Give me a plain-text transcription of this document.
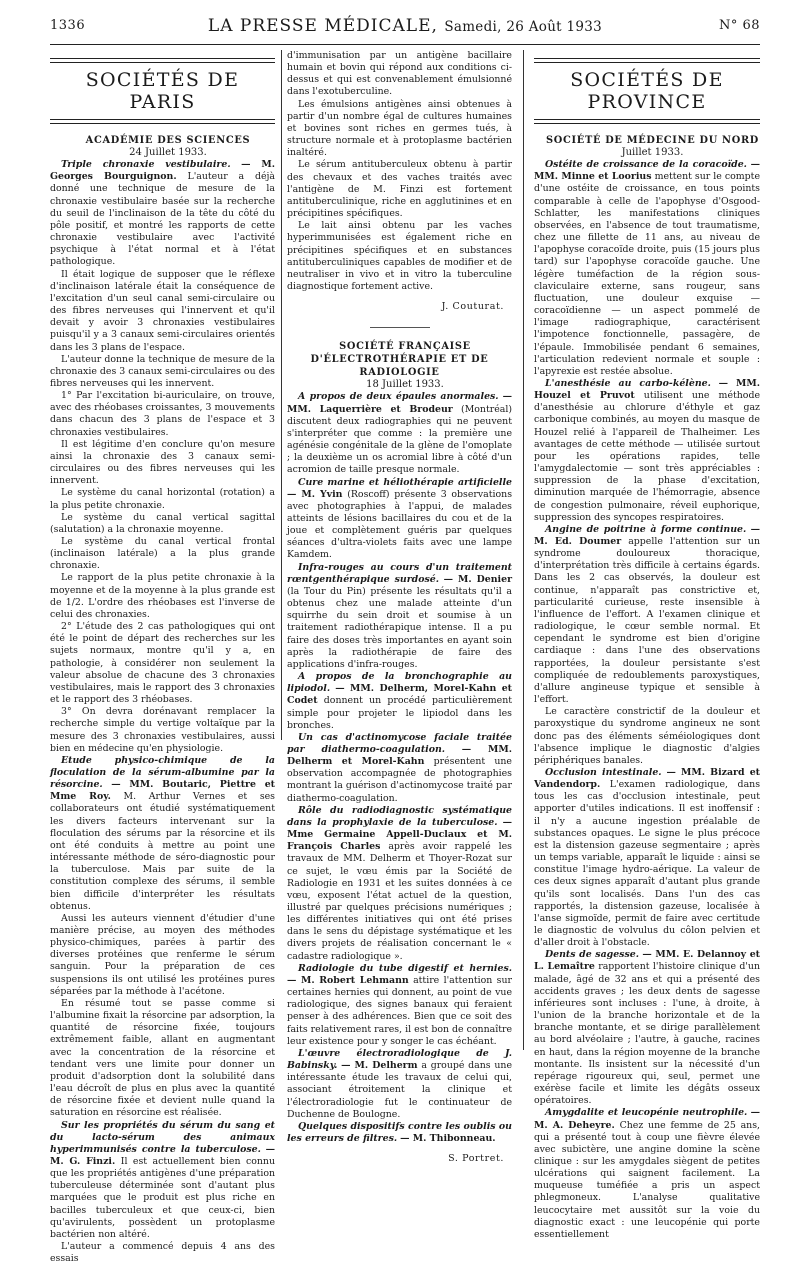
1336	LA PRESSE MÉDICALE, Samedi, 26 Août 1933	N° 68
SOCIÉTÉS DE PARIS

ACADÉMIE DES SCIENCES

24 Juillet 1933.

Triple chronaxie vestibulaire. — M. Georges Bourguignon. L'auteur a déjà donné une technique de mesure de la chronaxie vestibulaire basée sur la recherche du seuil de l'inclinaison de la tête du côté du pôle positif, et montré les rapports de cette chronaxie vestibulaire avec l'activité psychique à l'état normal et à l'état pathologique.

Il était logique de supposer que le réflexe d'inclinaison latérale était la conséquence de l'excitation d'un seul canal semi-circulaire ou des fibres nerveuses qui l'innervent et qu'il devait y avoir 3 chronaxies vestibulaires puisqu'il y a 3 canaux semi-circulaires orientés dans les 3 plans de l'espace.

L'auteur donne la technique de mesure de la chronaxie des 3 canaux semi-circulaires ou des fibres nerveuses qui les innervent.

1° Par l'excitation bi-auriculaire, on trouve, avec des rhéobases croissantes, 3 mouvements dans chacun des 3 plans de l'espace et 3 chronaxies vestibulaires.

Il est légitime d'en conclure qu'on mesure ainsi la chronaxie des 3 canaux semi-circulaires ou des fibres nerveuses qui les innervent.

Le système du canal horizontal (rotation) a la plus petite chronaxie.

Le système du canal vertical sagittal (salutation) a la chronaxie moyenne.

Le système du canal vertical frontal (inclinaison latérale) a la plus grande chronaxie.

Le rapport de la plus petite chronaxie à la moyenne et de la moyenne à la plus grande est de 1/2. L'ordre des rhéobases est l'inverse de celui des chronaxies.

2° L'étude des 2 cas pathologiques qui ont été le point de départ des recherches sur les sujets normaux, montre qu'il y a, en pathologie, à considérer non seulement la valeur absolue de chacune des 3 chronaxies vestibulaires, mais le rapport des 3 chronaxies et le rapport des 3 rhéobases.

3° On devra dorénavant remplacer la recherche simple du vertige voltaïque par la mesure des 3 chronaxies vestibulaires, aussi bien en médecine qu'en physiologie.

Etude physico-chimique de la floculation de la sérum-albumine par la résorcine. — MM. Boutaric, Piettre et Mme Roy. M. Arthur Vernes et ses collaborateurs ont étudié systématiquement les divers facteurs intervenant sur la floculation des sérums par la résorcine et ils ont été conduits à mettre au point une intéressante méthode de séro-diagnostic pour la tuberculose. Mais par suite de la constitution complexe des sérums, il semble bien difficile d'interpréter les résultats obtenus.

Aussi les auteurs viennent d'étudier d'une manière précise, au moyen des méthodes physico-chimiques, parées à partir des diverses protéines que renferme le sérum sanguin. Pour la préparation de ces suspensions ils ont utilisé les protéines pures séparées par la méthode à l'acétone.

En résumé tout se passe comme si l'albumine fixait la résorcine par adsorption, la quantité de résorcine fixée, toujours extrêmement faible, allant en augmentant avec la concentration de la résorcine et tendant vers une limite pour donner un produit d'adsorption dont la solubilité dans l'eau décroît de plus en plus avec la quantité de résorcine fixée et devient nulle quand la saturation en résorcine est réalisée.

Sur les propriétés du sérum du sang et du lacto-sérum des animaux hyperimmunisés contre la tuberculose. — M. G. Finzi. Il est actuellement bien connu que les propriétés antigènes d'une préparation tuberculeuse déterminée sont d'autant plus marquées que le produit est plus riche en bacilles tuberculeux et que ceux-ci, bien qu'avirulents, possèdent un protoplasme bactérien non altéré.

L'auteur a commencé depuis 4 ans des essais

d'immunisation par un antigène bacillaire humain et bovin qui répond aux conditions ci-dessus et qui est convenablement émulsionné dans l'exotuberculine.

Les émulsions antigènes ainsi obtenues à partir d'un nombre égal de cultures humaines et bovines sont riches en germes tués, à structure normale et à protoplasme bactérien inaltéré.

Le sérum antituberculeux obtenu à partir des chevaux et des vaches traités avec l'antigène de M. Finzi est fortement antituberculinique, riche en agglutinines et en précipitines spécifiques.

Le lait ainsi obtenu par les vaches hyperimmunisées est également riche en précipitines spécifiques et en substances antituberculiniques capables de modifier et de neutraliser in vivo et in vitro la tuberculine diagnostique fortement active.

J. Couturat.

SOCIÉTÉ FRANÇAISE D'ÉLECTROTHÉRAPIE ET DE RADIOLOGIE

18 Juillet 1933.

A propos de deux épaules anormales. — MM. Laquerrière et Brodeur (Montréal) discutent deux radiographies qui ne peuvent s'interpréter que comme : la première une agénésie congénitale de la glène de l'omoplate ; la deuxième un os acromial libre à côté d'un acromion de taille presque normale.

Cure marine et héliothérapie artificielle — M. Yvin (Roscoff) présente 3 observations avec photographies à l'appui, de malades atteints de lésions bacillaires du cou et de la joue et complètement guéris par quelques séances d'ultra-violets faits avec une lampe Kamdem.

Infra-rouges au cours d'un traitement rœntgenthérapique surdosé. — M. Denier (la Tour du Pin) présente les résultats qu'il a obtenus chez une malade atteinte d'un squirrhe du sein droit et soumise à un traitement radiothérapique intense. Il a pu faire des doses très importantes en ayant soin après la radiothérapie de faire des applications d'infra-rouges.

A propos de la bronchographie au lipiodol. — MM. Delherm, Morel-Kahn et Codet donnent un procédé particulièrement simple pour projeter le lipiodol dans les bronches.

Un cas d'actinomycose faciale traitée par diathermo-coagulation. — MM. Delherm et Morel-Kahn présentent une observation accompagnée de photographies montrant la guérison d'actinomycose traité par diathermo-coagulation.

Rôle du radiodiagnostic systématique dans la prophylaxie de la tuberculose. — Mme Germaine Appell-Duclaux et M. François Charles après avoir rappelé les travaux de MM. Delherm et Thoyer-Rozat sur ce sujet, le vœu émis par la Société de Radiologie en 1931 et les suites données à ce vœu, exposent l'état actuel de la question, illustré par quelques précisions numériques ; les différentes initiatives qui ont été prises dans le sens du dépistage systématique et les divers projets de réalisation concernant le « cadastre radiologique ».

Radiologie du tube digestif et hernies. — M. Robert Lehmann attire l'attention sur certaines hernies qui donnent, au point de vue radiologique, des signes banaux qui feraient penser à des adhérences. Bien que ce soit des faits relativement rares, il est bon de connaître leur existence pour y songer le cas échéant.

L'œuvre électroradiologique de J. Babinsky. — M. Delherm a groupé dans une intéressante étude les travaux de celui qui, associant étroitement la clinique et l'électroradiologie fut le continuateur de Duchenne de Boulogne.

Quelques dispositifs contre les oublis ou les erreurs de filtres. — M. Thibonneau.

S. Portret.
SOCIÉTÉS DE PROVINCE

SOCIÉTÉ DE MÉDECINE DU NORD

Juillet 1933.

Ostéite de croissance de la coracoïde. — MM. Minne et Loorius mettent sur le compte d'une ostéite de croissance, en tous points comparable à celle de l'apophyse d'Osgood-Schlatter, les manifestations cliniques observées, en l'absence de tout traumatisme, chez une fillette de 11 ans, au niveau de l'apophyse coracoïde droite, puis (15 jours plus tard) sur l'apophyse coracoïde gauche. Une légère tuméfaction de la région sous-claviculaire externe, sans rougeur, sans fluctuation, une douleur exquise — coracoïdienne — un aspect pommelé de l'image radiographique, caractérisent l'impotence fonctionnelle, passagère, de l'épaule. Immobilisée pendant 6 semaines, l'articulation redevient normale et souple : l'apyrexie est restée absolue.

L'anesthésie au carbo-kélène. — MM. Houzel et Pruvot utilisent une méthode d'anesthésie au chlorure d'éthyle et gaz carbonique combinés, au moyen du masque de Houzel relié à l'appareil de Thalheimer. Les avantages de cette méthode — utilisée surtout pour les opérations rapides, telle l'amygdalectomie — sont très appréciables : suppression de la phase d'excitation, diminution marquée de l'hémorragie, absence de congestion pulmonaire, réveil euphorique, suppression des syncopes respiratoires.

Angine de poitrine à forme continue. — M. Ed. Doumer appelle l'attention sur un syndrome douloureux thoracique, d'interprétation très difficile à certains égards. Dans les 2 cas observés, la douleur est continue, n'apparaît pas constrictive et, particularité curieuse, reste insensible à l'influence de l'effort. A l'examen clinique et radiologique, le cœur semble normal. Et cependant le syndrome est bien d'origine cardiaque : dans l'une des observations rapportées, la douleur persistante s'est compliquée de redoublements paroxystiques, d'allure angineuse typique et sensible à l'effort.

Le caractère constrictif de la douleur et paroxystique du syndrome angineux ne sont donc pas des éléments séméiologiques dont l'absence implique le diagnostic d'algies périphériques banales.

Occlusion intestinale. — MM. Bizard et Vandendorp. L'examen radiologique, dans tous les cas d'occlusion intestinale, peut apporter d'utiles indications. Il est inoffensif : il n'y a aucune ingestion préalable de substances opaques. Le signe le plus précoce est la distension gazeuse segmentaire ; après un temps variable, apparaît le liquide : ainsi se constitue l'image hydro-aérique. La valeur de ces deux signes apparaît d'autant plus grande qu'ils sont localisés. Dans l'un des cas rapportés, la distension gazeuse, localisée à l'anse sigmoïde, permit de faire avec certitude le diagnostic de volvulus du côlon pelvien et d'aller droit à l'obstacle.

Dents de sagesse. — MM. E. Delannoy et L. Lemaître rapportent l'histoire clinique d'un malade, âgé de 32 ans et qui a présenté des accidents graves ; les deux dents de sagesse inférieures sont incluses : l'une, à droite, à l'union de la branche horizontale et de la branche montante, et se dirige parallèlement au bord alvéolaire ; l'autre, à gauche, racines en haut, dans la région moyenne de la branche montante. Ils insistent sur la nécessité d'un repérage rigoureux qui, seul, permet une exérèse facile et limite les dégâts osseux opératoires.

Amygdalite et leucopénie neutrophile. — M. A. Deheyre. Chez une femme de 25 ans, qui a présenté tout à coup une fièvre élevée avec subictère, une angine domine la scène clinique : sur les amygdales siègent de petites ulcérations qui saignent facilement. La muqueuse tuméfiée a pris un aspect phlegmoneux. L'analyse qualitative leucocytaire met aussitôt sur la voie du diagnostic exact : une leucopénie qui porte essentiellement
